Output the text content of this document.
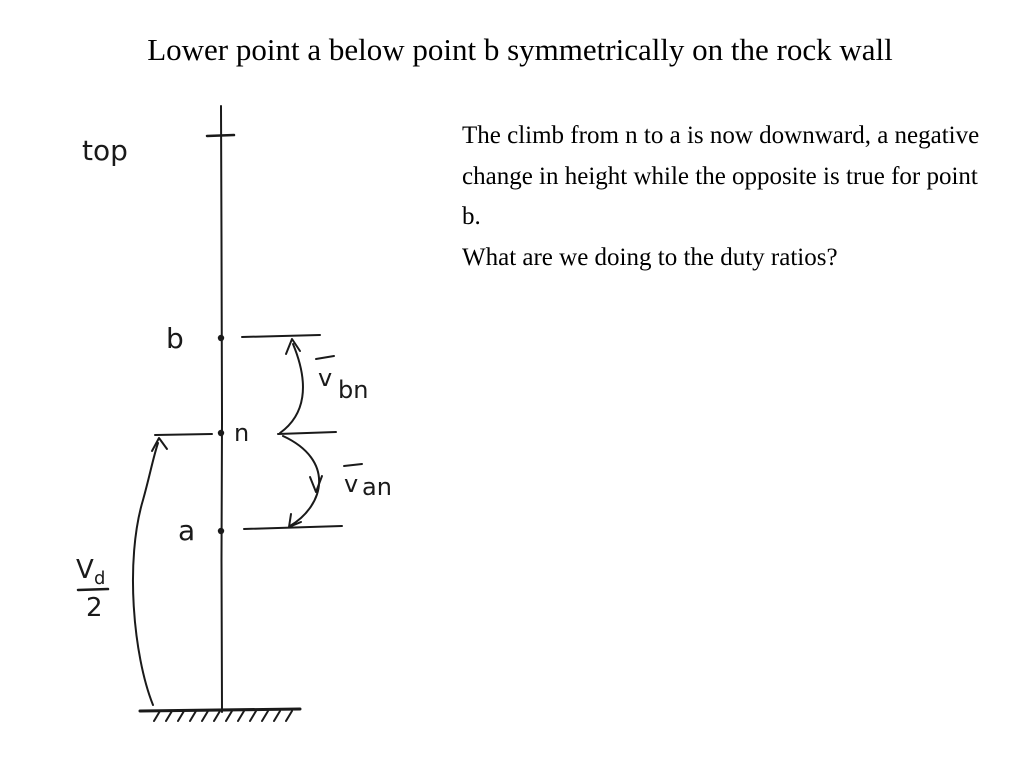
Lower point a below point b symmetrically on the rock wall

The climb from n to a is now downward, a negative change in height while the opposite is true for point b.

What are we doing to the duty ratios?

top
b
n
a
v bn
v an
V d
2
